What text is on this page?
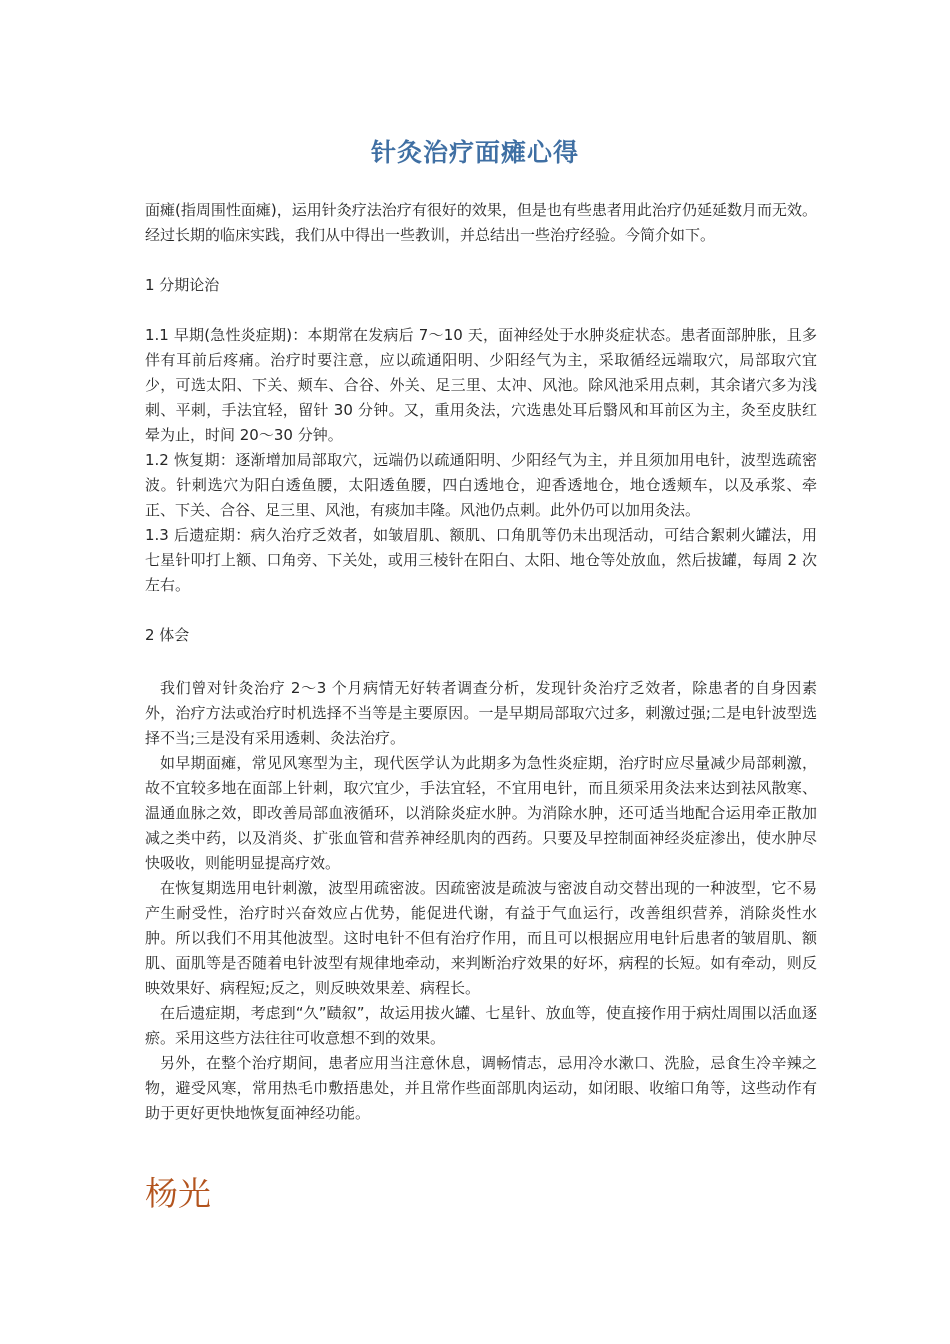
针灸治疗面瘫心得

面瘫(指周围性面瘫)，运用针灸疗法治疗有很好的效果，但是也有些患者用此治疗仍延延数月而无效。经过长期的临床实践，我们从中得出一些教训，并总结出一些治疗经验。今简介如下。

1 分期论治

1.1 早期(急性炎症期)：本期常在发病后 7～10 天，面神经处于水肿炎症状态。患者面部肿胀，且多伴有耳前后疼痛。治疗时要注意，应以疏通阳明、少阳经气为主，采取循经远端取穴，局部取穴宜少，可选太阳、下关、颊车、合谷、外关、足三里、太冲、风池。除风池采用点刺，其余诸穴多为浅刺、平刺，手法宜轻，留针 30 分钟。又，重用灸法，穴选患处耳后翳风和耳前区为主，灸至皮肤红晕为止，时间 20～30 分钟。

1.2 恢复期：逐渐增加局部取穴，远端仍以疏通阳明、少阳经气为主，并且须加用电针，波型选疏密波。针刺选穴为阳白透鱼腰，太阳透鱼腰，四白透地仓，迎香透地仓，地仓透颊车，以及承浆、牵正、下关、合谷、足三里、风池，有痰加丰隆。风池仍点刺。此外仍可以加用灸法。

1.3 后遗症期：病久治疗乏效者，如皱眉肌、额肌、口角肌等仍未出现活动，可结合絮刺火罐法，用七星针叩打上额、口角旁、下关处，或用三棱针在阳白、太阳、地仓等处放血，然后拔罐，每周 2 次左右。

2 体会

我们曾对针灸治疗 2～3 个月病情无好转者调查分析，发现针灸治疗乏效者，除患者的自身因素外，治疗方法或治疗时机选择不当等是主要原因。一是早期局部取穴过多，刺激过强;二是电针波型选择不当;三是没有采用透刺、灸法治疗。

如早期面瘫，常见风寒型为主，现代医学认为此期多为急性炎症期，治疗时应尽量减少局部刺激，故不宜较多地在面部上针刺，取穴宜少，手法宜轻，不宜用电针，而且须采用灸法来达到祛风散寒、温通血脉之效，即改善局部血液循环，以消除炎症水肿。为消除水肿，还可适当地配合运用牵正散加减之类中药，以及消炎、扩张血管和营养神经肌肉的西药。只要及早控制面神经炎症渗出，使水肿尽快吸收，则能明显提高疗效。

在恢复期选用电针刺激，波型用疏密波。因疏密波是疏波与密波自动交替出现的一种波型，它不易产生耐受性，治疗时兴奋效应占优势，能促进代谢，有益于气血运行，改善组织营养，消除炎性水肿。所以我们不用其他波型。这时电针不但有治疗作用，而且可以根据应用电针后患者的皱眉肌、额肌、面肌等是否随着电针波型有规律地牵动，来判断治疗效果的好坏，病程的长短。如有牵动，则反映效果好、病程短;反之，则反映效果差、病程长。

在后遗症期，考虑到“久”赜叙”，故运用拔火罐、七星针、放血等，使直接作用于病灶周围以活血逐瘀。采用这些方法往往可收意想不到的效果。

另外，在整个治疗期间，患者应用当注意休息，调畅情志，忌用冷水漱口、洗脸，忌食生冷辛辣之物，避受风寒，常用热毛巾敷捂患处，并且常作些面部肌肉运动，如闭眼、收缩口角等，这些动作有助于更好更快地恢复面神经功能。

杨光
